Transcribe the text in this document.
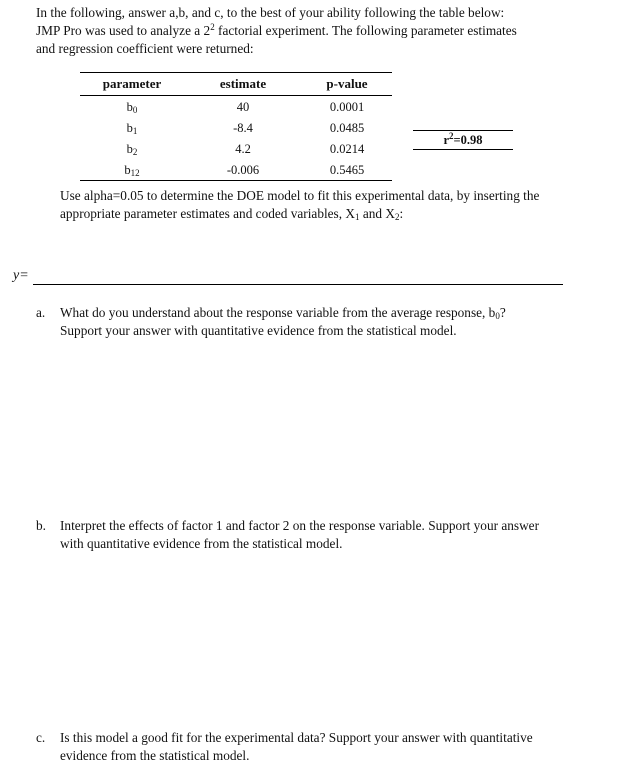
In the following, answer a,b, and c, to the best of your ability following the table below:
JMP Pro was used to analyze a $2^2$ factorial experiment. The following parameter estimates
and regression coefficient were returned:
parameter	estimate	p-value
$b_0$	40	0.0001
$b_1$	-8.4	0.0485
$b_2$	4.2	0.0214
$b_{12}$	-0.006	0.5465
$r^2=0.98$
Use alpha=0.05 to determine the DOE model to fit this experimental data, by inserting the
appropriate parameter estimates and coded variables, $X_1$ and $X_2$:
y=
a.	What do you understand about the response variable from the average response, $b_0$?
Support your answer with quantitative evidence from the statistical model.
b.	Interpret the effects of factor 1 and factor 2 on the response variable. Support your answer
with quantitative evidence from the statistical model.
c.	Is this model a good fit for the experimental data? Support your answer with quantitative
evidence from the statistical model.
